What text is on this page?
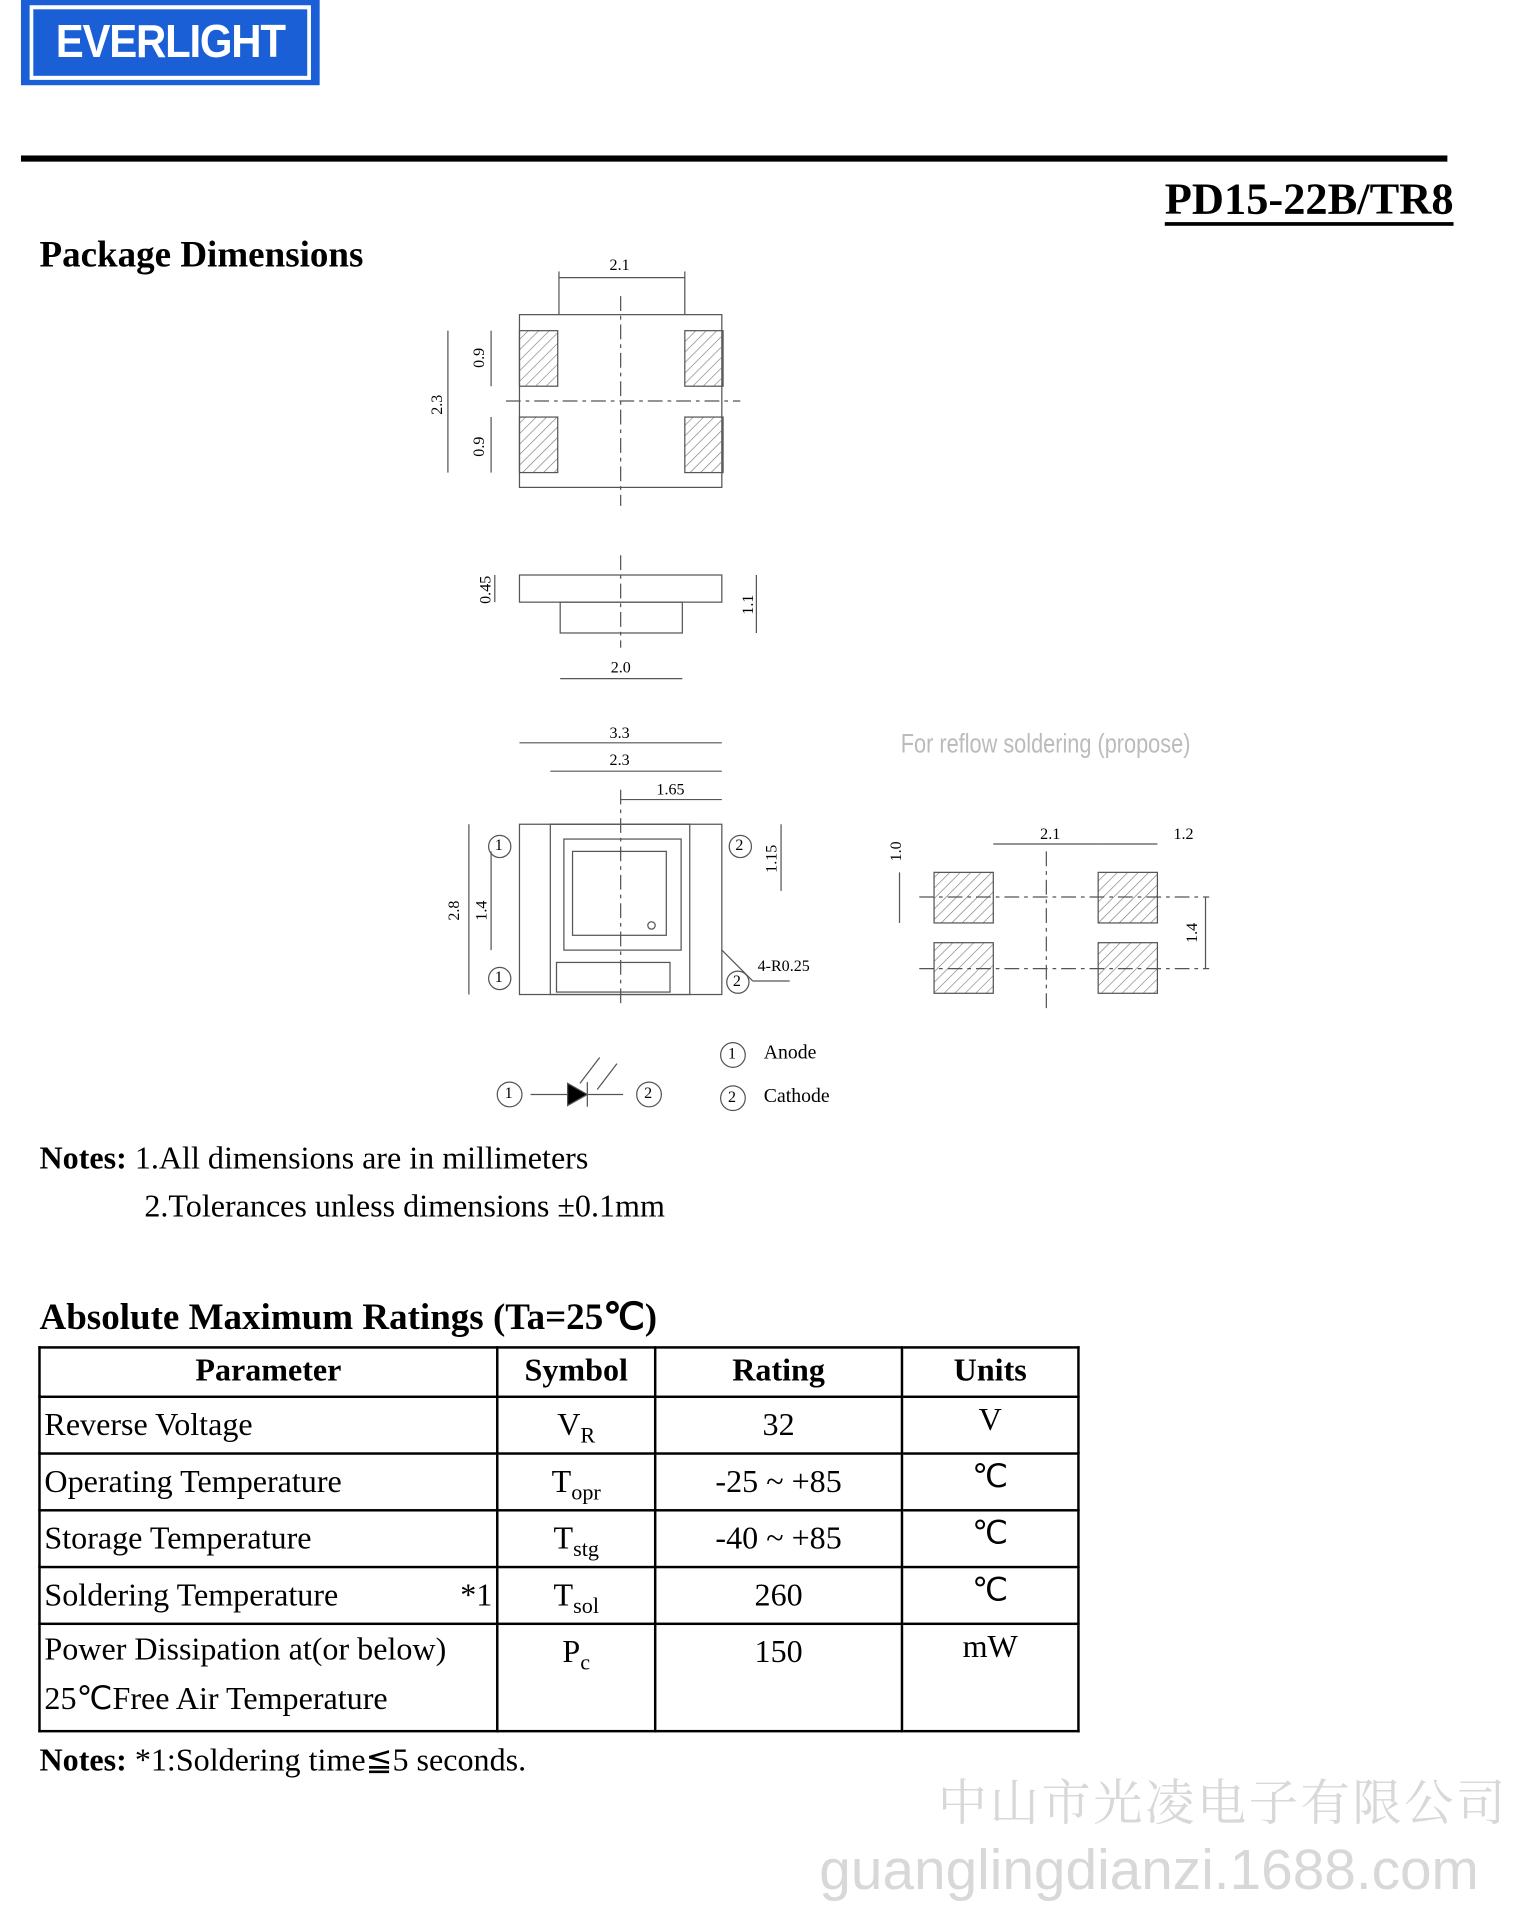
EVERLIGHT
PD15-22B/TR8
Package Dimensions	2.1
2.3
0.9
0.9
0.45
1.1
2.0
3.3
2.3
1.65
2.8 1.4
1.15
4-R0.25
1
1
2
2
For reflow soldering (propose)
2.1	1.2
1.0
1.4
1	2
1 Anode
2 Cathode
Notes: 1.All dimensions are in millimeters
2.Tolerances unless dimensions ±0.1mm
Absolute Maximum Ratings (Ta=25℃)
Parameter	Symbol	Rating	Units
Reverse Voltage	$V_R$	32	V
Operating Temperature	$T_{opr}$	-25 ~ +85	℃
Storage Temperature	$T_{stg}$	-40 ~ +85	℃
Soldering Temperature *1	$T_{sol}$	260	℃

Power Dissipation at(or below)
25℃Free Air Temperature	$P_c$	150	mW
Notes: *1:Soldering time≦5 seconds.
中山市光凌电子有限公司
guanglingdianzi.1688.com
